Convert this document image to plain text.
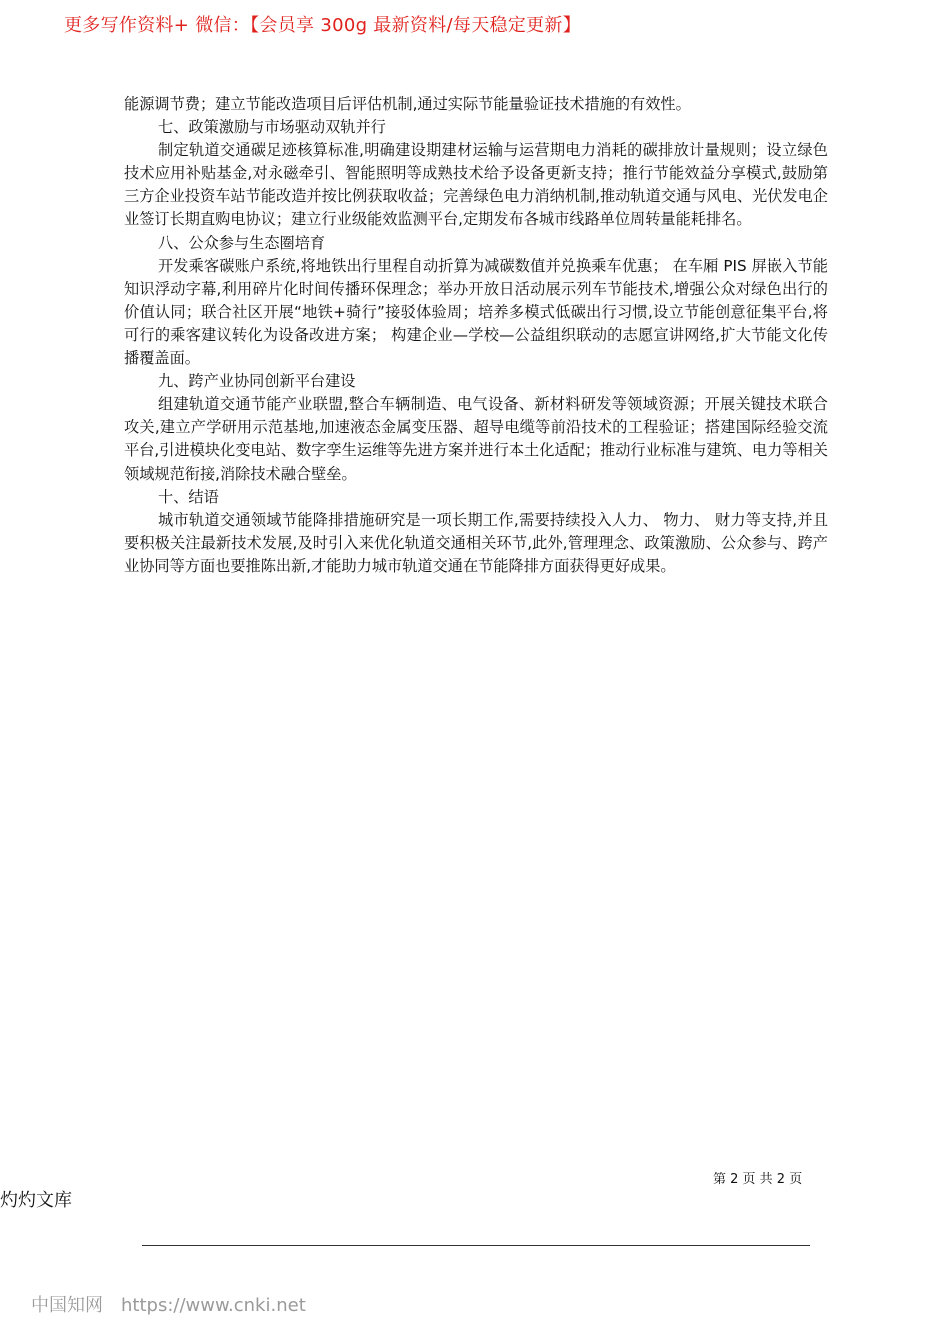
更多写作资料+ 微信：【会员享 300g 最新资料/每天稳定更新】

能源调节费；建立节能改造项目后评估机制,通过实际节能量验证技术措施的有效性。

七、政策激励与市场驱动双轨并行

制定轨道交通碳足迹核算标准,明确建设期建材运输与运营期电力消耗的碳排放计量规则；设立绿色技术应用补贴基金,对永磁牵引、智能照明等成熟技术给予设备更新支持；推行节能效益分享模式,鼓励第三方企业投资车站节能改造并按比例获取收益；完善绿色电力消纳机制,推动轨道交通与风电、光伏发电企业签订长期直购电协议；建立行业级能效监测平台,定期发布各城市线路单位周转量能耗排名。

八、公众参与生态圈培育

开发乘客碳账户系统,将地铁出行里程自动折算为减碳数值并兑换乘车优惠； 在车厢 PIS 屏嵌入节能知识浮动字幕,利用碎片化时间传播环保理念；举办开放日活动展示列车节能技术,增强公众对绿色出行的价值认同；联合社区开展“地铁+骑行”接驳体验周；培养多模式低碳出行习惯,设立节能创意征集平台,将可行的乘客建议转化为设备改进方案； 构建企业—学校—公益组织联动的志愿宣讲网络,扩大节能文化传播覆盖面。

九、跨产业协同创新平台建设

组建轨道交通节能产业联盟,整合车辆制造、电气设备、新材料研发等领域资源；开展关键技术联合攻关,建立产学研用示范基地,加速液态金属变压器、超导电缆等前沿技术的工程验证；搭建国际经验交流平台,引进模块化变电站、数字孪生运维等先进方案并进行本土化适配；推动行业标准与建筑、电力等相关领域规范衔接,消除技术融合壁垒。

十、结语

城市轨道交通领域节能降排措施研究是一项长期工作,需要持续投入人力、 物力、 财力等支持,并且要积极关注最新技术发展,及时引入来优化轨道交通相关环节,此外,管理理念、政策激励、公众参与、跨产业协同等方面也要推陈出新,才能助力城市轨道交通在节能降排方面获得更好成果。

第 2 页 共 2 页
灼灼文库
中国知网 https://www.cnki.net
